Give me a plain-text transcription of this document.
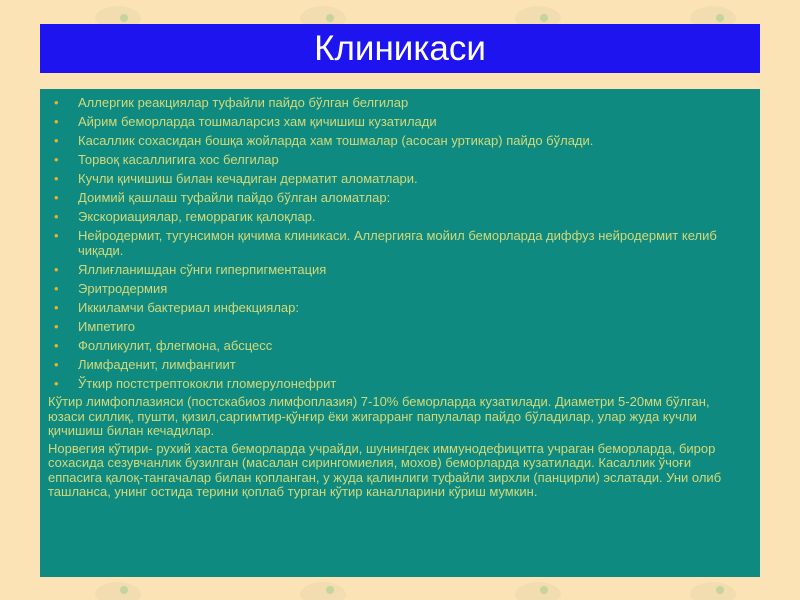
Клиникаси
• Аллергик реакциялар туфайли пайдо бўлган белгилар
• Айрим беморларда тошмаларсиз хам қичишиш кузатилади
• Касаллик сохасидан бошқа жойларда хам тошмалар (асосан уртикар) пайдо бўлади.
• Торвоқ касаллигига хос белгилар
• Кучли қичишиш билан кечадиган дерматит аломатлари.
• Доимий қашлаш туфайли пайдо бўлган аломатлар:
• Экскориациялар, геморрагик қалоқлар.
• Нейродермит, тугунсимон қичима клиникаси. Аллергияга мойил беморларда диффуз нейродермит келиб чиқади.
• Яллиғланишдан сўнги гиперпигментация
• Эритродермия
• Иккиламчи бактериал инфекциялар:
• Импетиго
• Фолликулит, флегмона, абсцесс
• Лимфаденит, лимфангиит
• Ўткир постстрептококли гломерулонефрит

Кўтир лимфоплазияси (постскабиоз лимфоплазия) 7-10% беморларда кузатилади. Диаметри 5-20мм бўлган, юзаси силлиқ, пушти, қизил,саргимтир-қўнғир ёки жигарранг папулалар пайдо бўладилар, улар жуда кучли қичишиш билан кечадилар.

Норвегия кўтири- рухий хаста беморларда учрайди, шунингдек иммунодефицитга учраган беморларда, бирор сохасида сезувчанлик бузилган (масалан сирингомиелия, мохов) беморларда кузатилади. Касаллик ўчоғи еппасига қалоқ-тангачалар билан қопланган, у жуда қалинлиги туфайли зирхли (панцирли) эслатади. Уни олиб ташланса, унинг остида терини қоплаб турган кўтир каналларини кўриш мумкин.
